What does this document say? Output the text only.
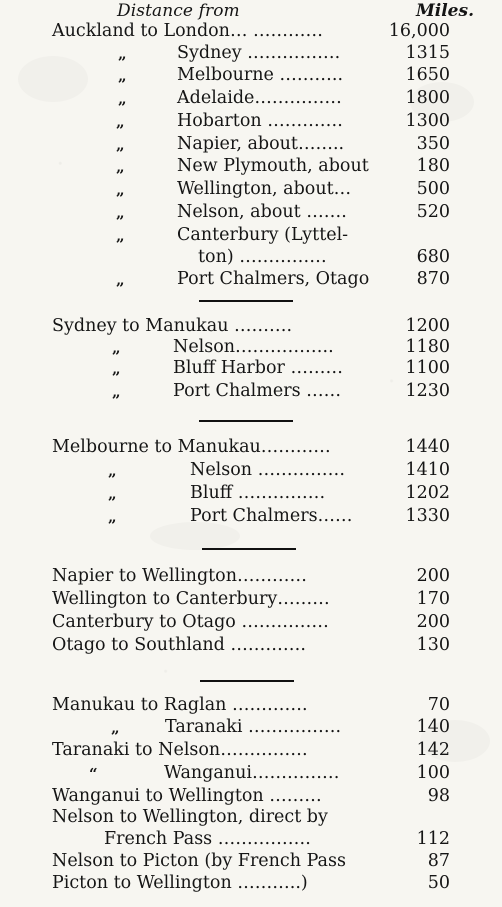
Distance from	Miles.
Auckland to London… …………	16,000
„	Sydney …………….	1315
„	Melbourne ………..	1650
„	Adelaide……………	1800
„	Hobarton ………….	1300
„	Napier, about……..	350
„	New Plymouth, about	180
„	Wellington, about…	500
„	Nelson, about …….	520
„	Canterbury (Lyttel-
ton) ……………	680
„	Port Chalmers, Otago	870
Sydney to Manukau ……….	1200
„	Nelson……………..	1180
„	Bluff Harbor ………	1100
„	Port Chalmers ……	1230
Melbourne to Manukau…………	1440
„	Nelson ……………	1410
„	Bluff ……………	1202
„	Port Chalmers……	1330
Napier to Wellington…………	200
Wellington to Canterbury………	170
Canterbury to Otago ……………	200
Otago to Southland ………….	130
Manukau to Raglan ………….	70
„	Taranaki …………….	140
Taranaki to Nelson……………	142
“	Wanganui……………	100
Wanganui to Wellington ………	98
Nelson to Wellington, direct by
French Pass …………….	112
Nelson to Picton (by French Pass	87
Picton to Wellington ………..)	50
